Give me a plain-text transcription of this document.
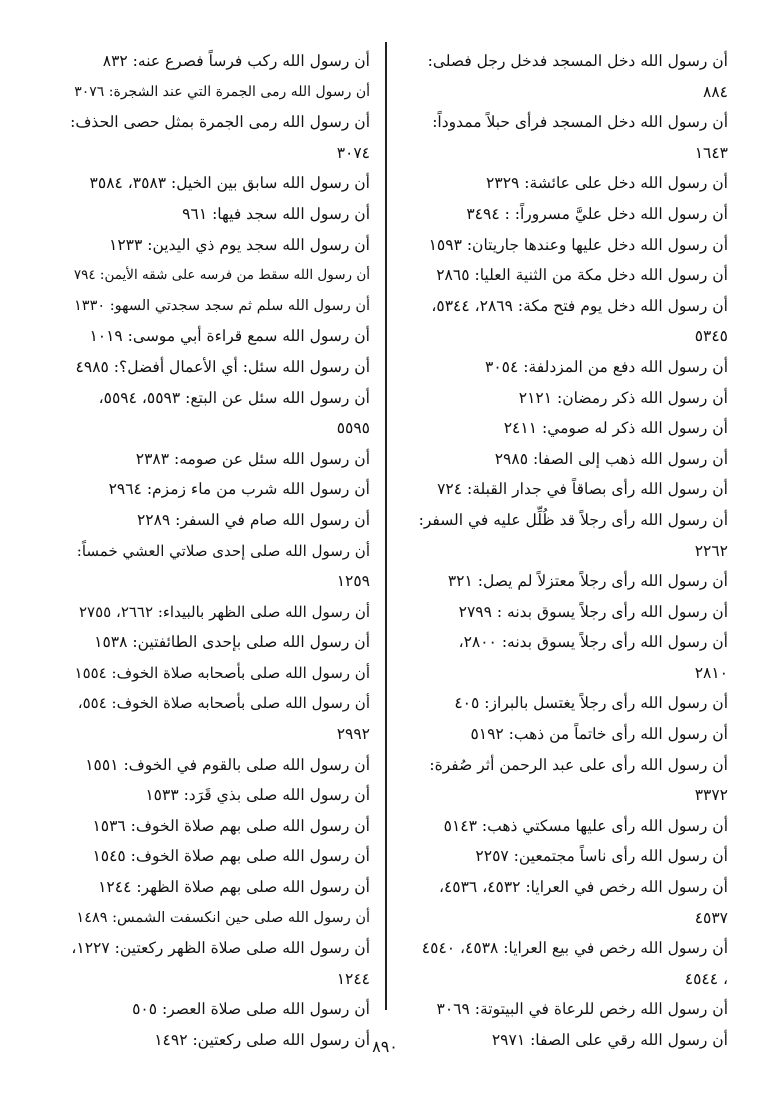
أن رسول الله دخل المسجد فدخل رجل فصلى:
٨٨٤
أن رسول الله دخل المسجد فرأى حبلاً ممدوداً:
١٦٤٣
أن رسول الله دخل على عائشة: ٢٣٢٩
أن رسول الله دخل عليَّ مسروراً: : ٣٤٩٤
أن رسول الله دخل عليها وعندها جاريتان: ١٥٩٣
أن رسول الله دخل مكة من الثنية العليا: ٢٨٦٥
أن رسول الله دخل يوم فتح مكة: ٢٨٦٩، ٥٣٤٤،
٥٣٤٥
أن رسول الله دفع من المزدلفة: ٣٠٥٤
أن رسول الله ذكر رمضان: ٢١٢١
أن رسول الله ذكر له صومي: ٢٤١١
أن رسول الله ذهب إلى الصفا: ٢٩٨٥
أن رسول الله رأى بصاقاً في جدار القبلة: ٧٢٤
أن رسول الله رأى رجلاً قد ظُلِّل عليه في السفر:
٢٢٦٢
أن رسول الله رأى رجلاً معتزلاً لم يصل: ٣٢١
أن رسول الله رأى رجلاً يسوق بدنه : ٢٧٩٩
أن رسول الله رأى رجلاً يسوق بدنه: ٢٨٠٠،
٢٨١٠
أن رسول الله رأى رجلاً يغتسل بالبراز: ٤٠٥
أن رسول الله رأى خاتماً من ذهب: ٥١٩٢
أن رسول الله رأى على عبد الرحمن أثر صُفرة:
٣٣٧٢
أن رسول الله رأى عليها مسكتي ذهب: ٥١٤٣
أن رسول الله رأى ناساً مجتمعين: ٢٢٥٧
أن رسول الله رخص في العرايا: ٤٥٣٢، ٤٥٣٦،
٤٥٣٧
أن رسول الله رخص في بيع العرايا: ٤٥٣٨، ٤٥٤٠
، ٤٥٤٤
أن رسول الله رخص للرعاة في البيتوتة: ٣٠٦٩
أن رسول الله رقي على الصفا: ٢٩٧١
أن رسول الله ركب فرساً فصرع عنه: ٨٣٢
أن رسول الله رمى الجمرة التي عند الشجرة: ٣٠٧٦
أن رسول الله رمى الجمرة بمثل حصى الحذف:
٣٠٧٤
أن رسول الله سابق بين الخيل: ٣٥٨٣، ٣٥٨٤
أن رسول الله سجد فيها: ٩٦١
أن رسول الله سجد يوم ذي اليدين: ١٢٣٣
أن رسول الله سقط من فرسه على شقه الأيمن: ٧٩٤
أن رسول الله سلم ثم سجد سجدتي السهو: ١٣٣٠
أن رسول الله سمع قراءة أبي موسى: ١٠١٩
أن رسول الله سئل: أي الأعمال أفضل؟: ٤٩٨٥
أن رسول الله سئل عن البتع: ٥٥٩٣، ٥٥٩٤،
٥٥٩٥
أن رسول الله سئل عن صومه: ٢٣٨٣
أن رسول الله شرب من ماء زمزم: ٢٩٦٤
أن رسول الله صام في السفر: ٢٢٨٩
أن رسول الله صلى إحدى صلاتي العشي خمساً:
١٢٥٩
أن رسول الله صلى الظهر بالبيداء: ٢٦٦٢، ٢٧٥٥
أن رسول الله صلى بإحدى الطائفتين: ١٥٣٨
أن رسول الله صلى بأصحابه صلاة الخوف: ١٥٥٤
أن رسول الله صلى بأصحابه صلاة الخوف: ٥٥٤،
٢٩٩٢
أن رسول الله صلى بالقوم في الخوف: ١٥٥١
أن رسول الله صلى بذي قَرَد: ١٥٣٣
أن رسول الله صلى بهم صلاة الخوف: ١٥٣٦
أن رسول الله صلى بهم صلاة الخوف: ١٥٤٥
أن رسول الله صلى بهم صلاة الظهر: ١٢٤٤
أن رسول الله صلى حين انكسفت الشمس: ١٤٨٩
أن رسول الله صلى صلاة الظهر ركعتين: ١٢٢٧،
١٢٤٤
أن رسول الله صلى صلاة العصر: ٥٠٥
أن رسول الله صلى ركعتين: ١٤٩٢ ٨٩٠
